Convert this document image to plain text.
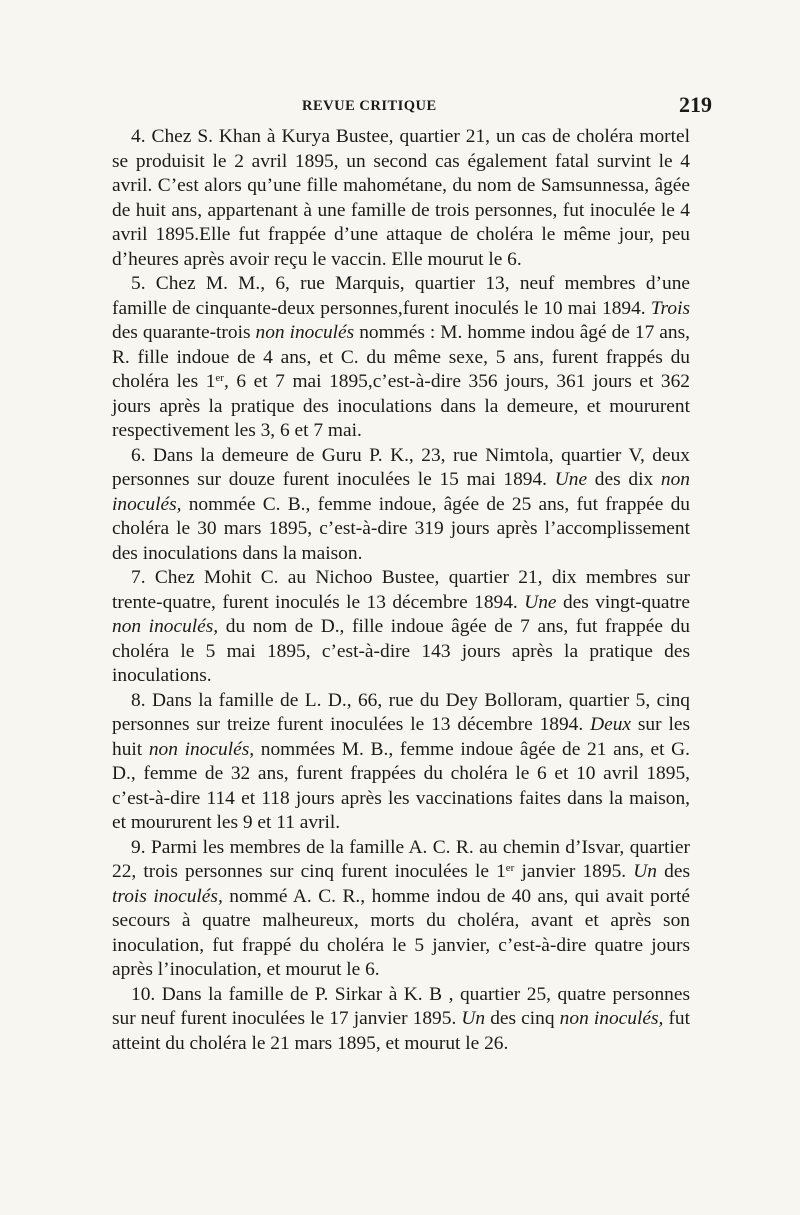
REVUE CRITIQUE	219

4. Chez S. Khan à Kurya Bustee, quartier 21, un cas de choléra mortel se produisit le 2 avril 1895, un second cas également fatal survint le 4 avril. C’est alors qu’une fille mahométane, du nom de Samsunnessa, âgée de huit ans, appartenant à une famille de trois personnes, fut inoculée le 4 avril 1895.Elle fut frappée d’une attaque de choléra le même jour, peu d’heures après avoir reçu le vaccin. Elle mourut le 6.

5. Chez M. M., 6, rue Marquis, quartier 13, neuf membres d’une famille de cinquante-deux personnes,furent inoculés le 10 mai 1894. Trois des quarante-trois non inoculés nommés : M. homme indou âgé de 17 ans, R. fille indoue de 4 ans, et C. du même sexe, 5 ans, furent frappés du choléra les 1er, 6 et 7 mai 1895,c’est-à-dire 356 jours, 361 jours et 362 jours après la pratique des inoculations dans la demeure, et moururent respectivement les 3, 6 et 7 mai.

6. Dans la demeure de Guru P. K., 23, rue Nimtola, quartier V, deux personnes sur douze furent inoculées le 15 mai 1894. Une des dix non inoculés, nommée C. B., femme indoue, âgée de 25 ans, fut frappée du choléra le 30 mars 1895, c’est-à-dire 319 jours après l’accomplissement des inoculations dans la maison.

7. Chez Mohit C. au Nichoo Bustee, quartier 21, dix membres sur trente-quatre, furent inoculés le 13 décembre 1894. Une des vingt-quatre non inoculés, du nom de D., fille indoue âgée de 7 ans, fut frappée du choléra le 5 mai 1895, c’est-à-dire 143 jours après la pratique des inoculations.

8. Dans la famille de L. D., 66, rue du Dey Bolloram, quartier 5, cinq personnes sur treize furent inoculées le 13 décembre 1894. Deux sur les huit non inoculés, nommées M. B., femme indoue âgée de 21 ans, et G. D., femme de 32 ans, furent frappées du choléra le 6 et 10 avril 1895, c’est-à-dire 114 et 118 jours après les vaccinations faites dans la maison, et moururent les 9 et 11 avril.

9. Parmi les membres de la famille A. C. R. au chemin d’Isvar, quartier 22, trois personnes sur cinq furent inoculées le 1er janvier 1895. Un des trois inoculés, nommé A. C. R., homme indou de 40 ans, qui avait porté secours à quatre malheureux, morts du choléra, avant et après son inoculation, fut frappé du choléra le 5 janvier, c’est-à-dire quatre jours après l’inoculation, et mourut le 6.

10. Dans la famille de P. Sirkar à K. B , quartier 25, quatre personnes sur neuf furent inoculées le 17 janvier 1895. Un des cinq non inoculés, fut atteint du choléra le 21 mars 1895, et mourut le 26.
